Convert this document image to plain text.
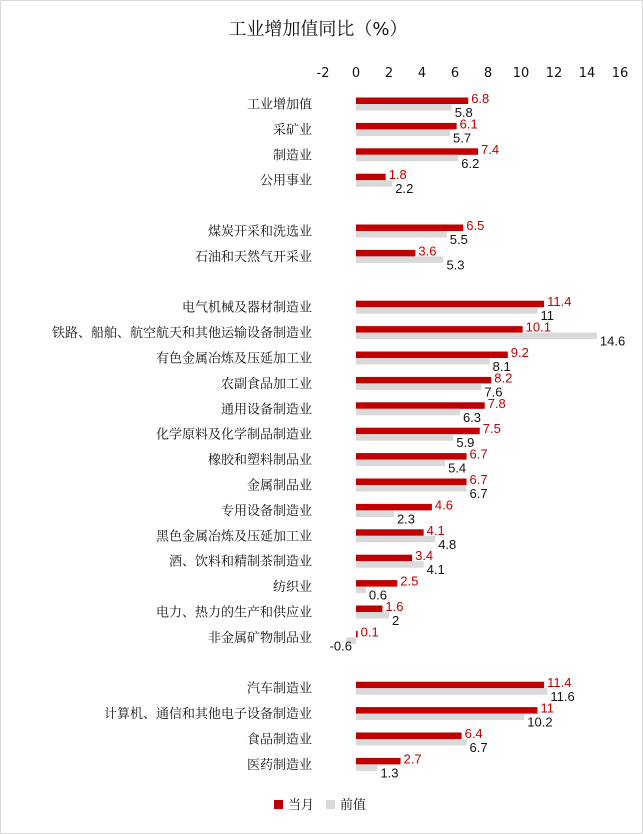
工业增加值同比（%）
-2 0 2 4 6 8 10 12 14 16
6.8
5.8
6.1
5.7
7.4
6.2
1.8
2.2
6.5
5.5
3.6
5.3
11.4
11
10.1
14.6
9.2
8.1
8.2
7.6
7.8
6.3
7.5
5.9
6.7
5.4
6.7
6.7
4.6
2.3
4.1
4.8
3.4
4.1
2.5
0.6
1.6
2
0.1
-0.6
11.4
11.6
11
10.2
6.4
6.7
2.7
1.3
工业增加值
采矿业
制造业
公用事业
煤炭开采和洗选业
石油和天然气开采业
电气机械及器材制造业
铁路、船舶、航空航天和其他运输设备制造业
有色金属冶炼及压延加工业
农副食品加工业
通用设备制造业
化学原料及化学制品制造业
橡胶和塑料制品业
金属制品业
专用设备制造业
黑色金属冶炼及压延加工业
酒、饮料和精制茶制造业
纺织业
电力、热力的生产和供应业
非金属矿物制品业
汽车制造业
计算机、通信和其他电子设备制造业
食品制造业
医药制造业
当月 前值
